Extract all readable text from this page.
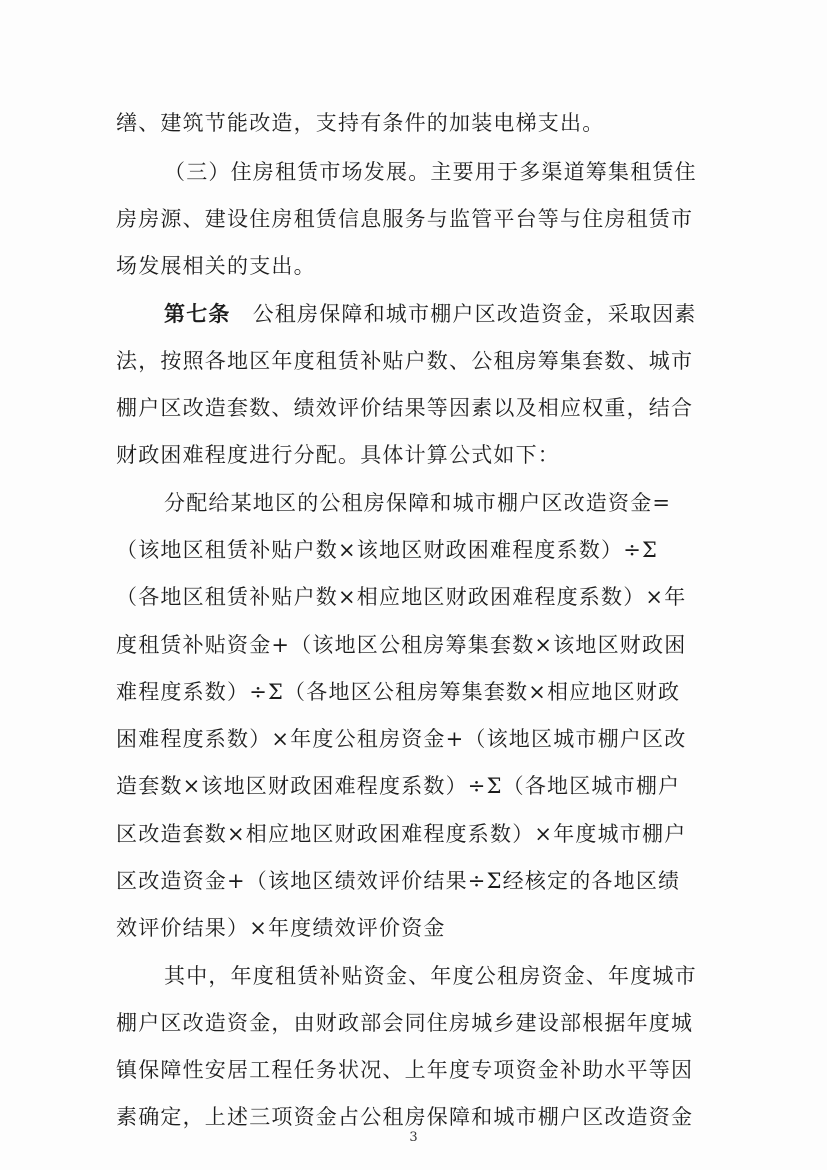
缮、建筑节能改造，支持有条件的加装电梯支出。
（三）住房租赁市场发展。主要用于多渠道筹集租赁住
房房源、建设住房租赁信息服务与监管平台等与住房租赁市
场发展相关的支出。
第七条 公租房保障和城市棚户区改造资金，采取因素
法，按照各地区年度租赁补贴户数、公租房筹集套数、城市
棚户区改造套数、绩效评价结果等因素以及相应权重，结合
财政困难程度进行分配。具体计算公式如下：
分配给某地区的公租房保障和城市棚户区改造资金=
（该地区租赁补贴户数×该地区财政困难程度系数）÷Σ
（各地区租赁补贴户数×相应地区财政困难程度系数）×年
度租赁补贴资金+（该地区公租房筹集套数×该地区财政困
难程度系数）÷Σ（各地区公租房筹集套数×相应地区财政
困难程度系数）×年度公租房资金+（该地区城市棚户区改
造套数×该地区财政困难程度系数）÷Σ（各地区城市棚户
区改造套数×相应地区财政困难程度系数）×年度城市棚户
区改造资金+（该地区绩效评价结果÷Σ经核定的各地区绩
效评价结果）×年度绩效评价资金
其中，年度租赁补贴资金、年度公租房资金、年度城市
棚户区改造资金，由财政部会同住房城乡建设部根据年度城
镇保障性安居工程任务状况、上年度专项资金补助水平等因
素确定，上述三项资金占公租房保障和城市棚户区改造资金
3
